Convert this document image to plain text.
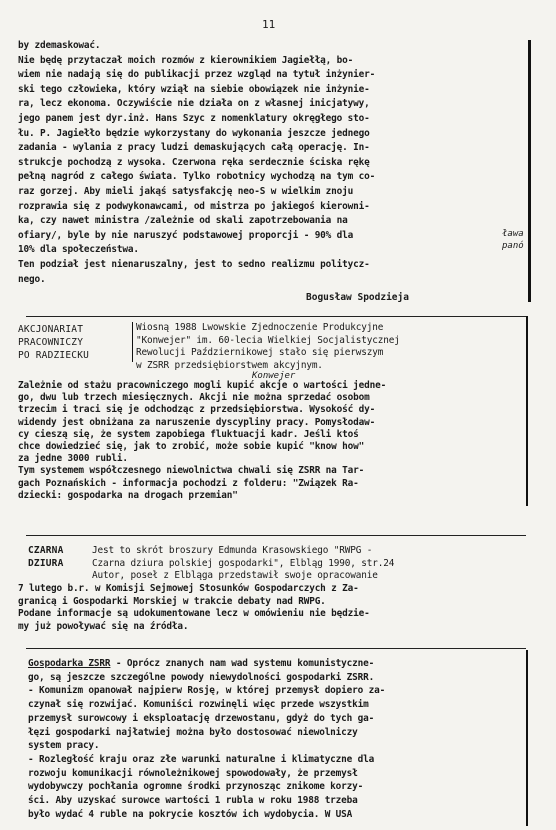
11
by zdemaskować.
Nie będę przytaczał moich rozmów z kierownikiem Jagiełłą, bo-
wiem nie nadają się do publikacji przez wzgląd na tytuł inżynier-
ski tego człowieka, który wziął na siebie obowiązek nie inżynie-
ra, lecz ekonoma. Oczywiście nie działa on z własnej inicjatywy,
jego panem jest dyr.inż. Hans Szyc z nomenklatury okręgłego sto-
łu. P. Jagiełło będzie wykorzystany do wykonania jeszcze jednego
zadania - wylania z pracy ludzi demaskujących całą operację. In-
strukcje pochodzą z wysoka. Czerwona ręka serdecznie ściska rękę
pełną nagród z całego świata. Tylko robotnicy wychodzą na tym co-
raz gorzej. Aby mieli jakąś satysfakcję neo-S w wielkim znoju
rozprawia się z podwykonawcami, od mistrza po jakiegoś kierowni-
ka, czy nawet ministra /zależnie od skali zapotrzebowania na
ofiary/, byle by nie naruszyć podstawowej proporcji - 90% dla
10% dla społeczeństwa.
Ten podział jest nienaruszalny, jest to sedno realizmu politycz-
nego.
ława
panó
Bogusław Spodzieja
AKCJONARIAT
PRACOWNICZY
PO RADZIECKU
Wiosną 1988 Lwowskie Zjednoczenie Produkcyjne
"Konwejer" im. 60-lecia Wielkiej Socjalistycznej
Rewolucji Październikowej stało się pierwszym
w ZSRR przedsiębiorstwem akcyjnym.
Konwejer
Zależnie od stażu pracowniczego mogli kupić akcje o wartości jedne-
go, dwu lub trzech miesięcznych. Akcji nie można sprzedać osobom
trzecim i traci się je odchodząc z przedsiębiorstwa. Wysokość dy-
widendy jest obniżana za naruszenie dyscypliny pracy. Pomysłodaw-
cy cieszą się, że system zapobiega fluktuacji kadr. Jeśli ktoś
chce dowiedzieć się, jak to zrobić, może sobie kupić "know how"
za jedne 3000 rubli.
Tym systemem współczesnego niewolnictwa chwali się ZSRR na Tar-
gach Poznańskich - informacja pochodzi z folderu: "Związek Ra-
dziecki: gospodarka na drogach przemian"
CZARNA
DZIURA
Jest to skrót broszury Edmunda Krasowskiego "RWPG -
Czarna dziura polskiej gospodarki", Elbląg 1990, str.24
Autor, poseł z Elbląga przedstawił swoje opracowanie
7 lutego b.r. w Komisji Sejmowej Stosunków Gospodarczych z Za-
granicą i Gospodarki Morskiej w trakcie debaty nad RWPG.
Podane informacje są udokumentowane lecz w omówieniu nie będzie-
my już powoływać się na źródła.
Gospodarka ZSRR - Oprócz znanych nam wad systemu komunistyczne-
go, są jeszcze szczególne powody niewydolności gospodarki ZSRR.
- Komunizm opanował najpierw Rosję, w której przemysł dopiero za-
czynał się rozwijać. Komuniści rozwinęli więc przede wszystkim
przemysł surowcowy i eksploatację drzewostanu, gdyż do tych ga-
łęzi gospodarki najłatwiej można było dostosować niewolniczy
system pracy.
- Rozległość kraju oraz złe warunki naturalne i klimatyczne dla
rozwoju komunikacji równoleżnikowej spowodowały, że przemysł
wydobywczy pochłania ogromne środki przynosząc znikome korzy-
ści. Aby uzyskać surowce wartości 1 rubla w roku 1988 trzeba
było wydać 4 ruble na pokrycie kosztów ich wydobycia. W USA
